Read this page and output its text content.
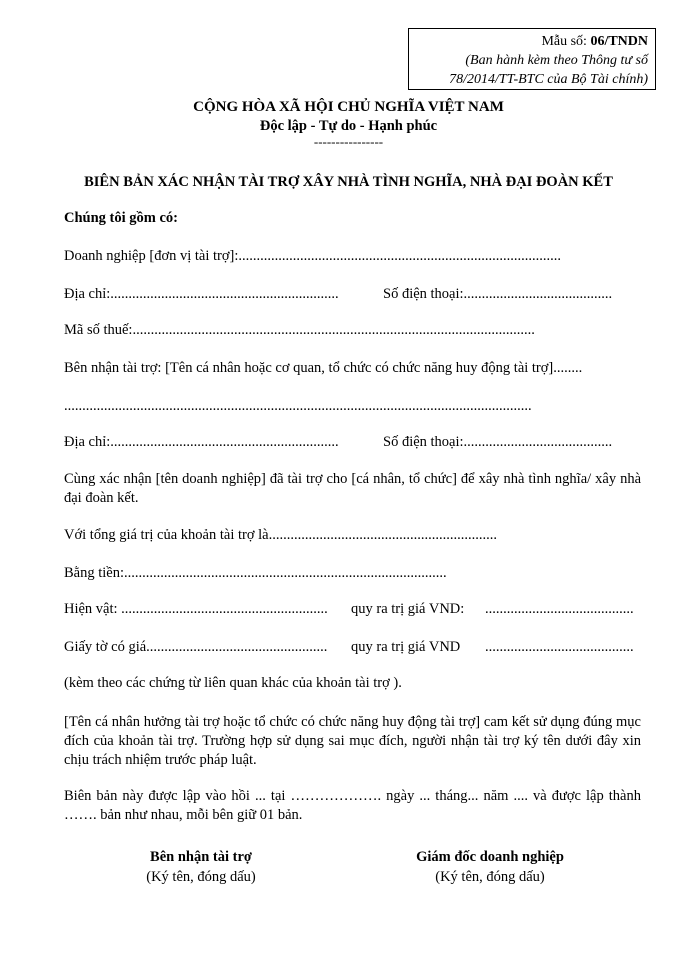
Mẫu số: 06/TNDN
(Ban hành kèm theo Thông tư số
78/2014/TT-BTC của Bộ Tài chính)
CỘNG HÒA XÃ HỘI CHỦ NGHĨA VIỆT NAM
Độc lập - Tự do - Hạnh phúc
----------------
BIÊN BẢN XÁC NHẬN TÀI TRỢ XÂY NHÀ TÌNH NGHĨA, NHÀ ĐẠI ĐOÀN KẾT
Chúng tôi gồm có:
Doanh nghiệp [đơn vị tài trợ]:.........................................................................................
Địa chỉ:...............................................................	Số điện thoại:.........................................
Mã số thuế:...............................................................................................................
Bên nhận tài trợ: [Tên cá nhân hoặc cơ quan, tổ chức có chức năng huy động tài trợ]........
.................................................................................................................................
Địa chỉ:...............................................................	Số điện thoại:.........................................
Cùng xác nhận [tên doanh nghiệp] đã tài trợ cho [cá nhân, tổ chức] để xây nhà tình nghĩa/ xây nhà đại đoàn kết.
Với tổng giá trị của khoản tài trợ là...............................................................
Bằng tiền:.........................................................................................
Hiện vật: ......................................................... quy ra trị giá VND: .........................................
Giấy tờ có giá.................................................. quy ra trị giá VND .........................................
(kèm theo các chứng từ liên quan khác của khoản tài trợ ).
[Tên cá nhân hưởng tài trợ hoặc tổ chức có chức năng huy động tài trợ] cam kết sử dụng đúng mục đích của khoản tài trợ. Trường hợp sử dụng sai mục đích, người nhận tài trợ ký tên dưới đây xin chịu trách nhiệm trước pháp luật.
Biên bản này được lập vào hồi ... tại ………………. ngày ... tháng... năm .... và được lập thành ……. bản như nhau, mỗi bên giữ 01 bản.
Bên nhận tài trợ
(Ký tên, đóng dấu)
Giám đốc doanh nghiệp
(Ký tên, đóng dấu)
